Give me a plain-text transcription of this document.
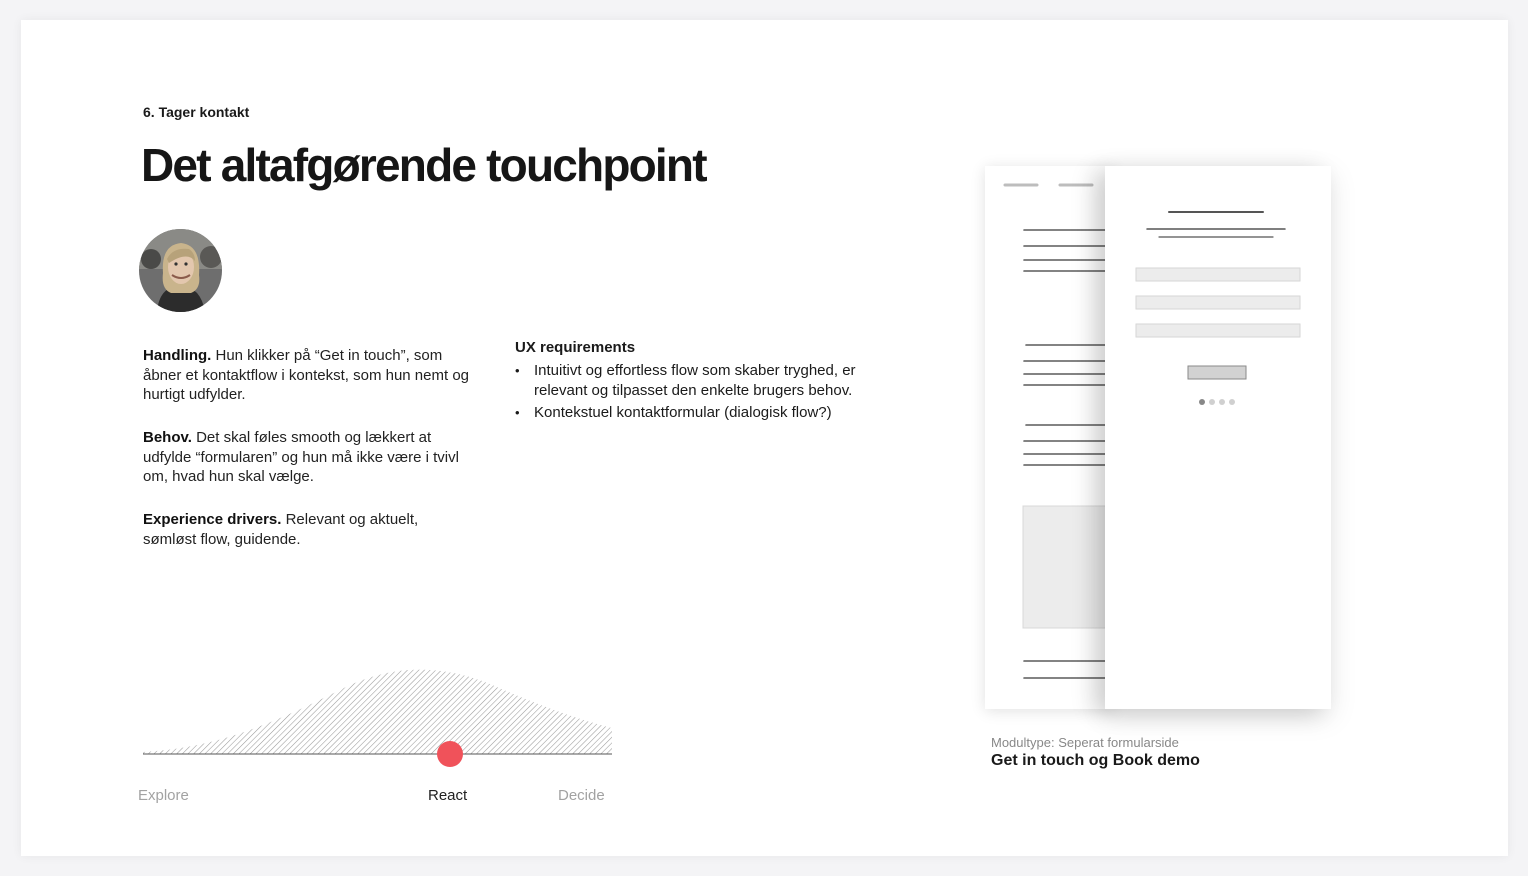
6. Tager kontakt
Det altafgørende touchpoint

Handling. Hun klikker på “Get in touch”, som åbner et kontaktflow i kontekst, som hun nemt og hurtigt udfylder.

Behov. Det skal føles smooth og lækkert at udfylde “formularen” og hun må ikke være i tvivl om, hvad hun skal vælge.

Experience drivers. Relevant og aktuelt, sømløst flow, guidende.

UX requirements
• Intuitivt og effortless flow som skaber tryghed, er relevant og tilpasset den enkelte brugers behov.
• Kontekstuel kontaktformular (dialogisk flow?)
Explore	React	Decide
Modultype: Seperat formularside
Get in touch og Book demo
